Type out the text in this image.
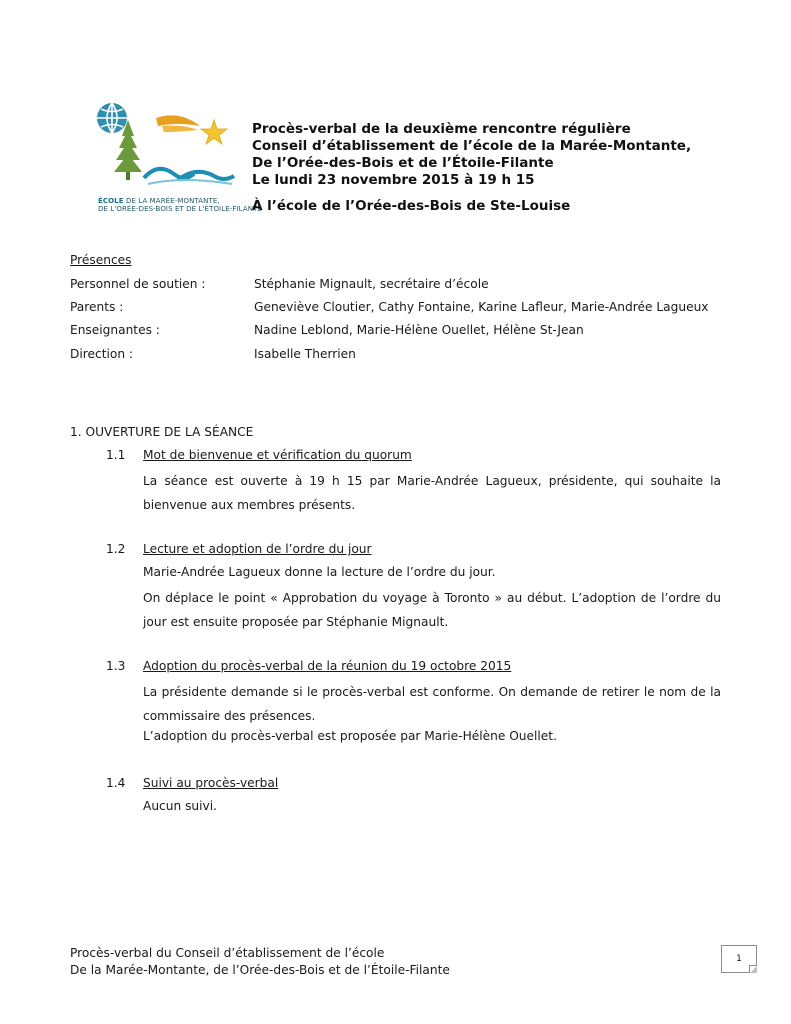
ÉCOLE DE LA MARÉE-MONTANTE,
DE L'ORÉE-DES-BOIS ET DE L'ÉTOILE-FILANTE
Procès-verbal de la deuxième rencontre régulière
Conseil d’établissement de l’école de la Marée-Montante,
De l’Orée-des-Bois et de l’Étoile-Filante
Le lundi 23 novembre 2015 à 19 h 15
À l’école de l’Orée-des-Bois de Ste-Louise
Présences
Personnel de soutien :	Stéphanie Mignault, secrétaire d’école
Parents :	Geneviève Cloutier, Cathy Fontaine, Karine Lafleur, Marie-Andrée Lagueux
Enseignantes :	Nadine Leblond, Marie-Hélène Ouellet, Hélène St-Jean
Direction :	Isabelle Therrien
1. OUVERTURE DE LA SÉANCE
1.1 Mot de bienvenue et vérification du quorum
La séance est ouverte à 19 h 15 par Marie-Andrée Lagueux, présidente, qui souhaite la bienvenue aux membres présents.
1.2 Lecture et adoption de l’ordre du jour
Marie-Andrée Lagueux donne la lecture de l’ordre du jour.
On déplace le point « Approbation du voyage à Toronto » au début. L’adoption de l’ordre du jour est ensuite proposée par Stéphanie Mignault.
1.3 Adoption du procès-verbal de la réunion du 19 octobre 2015
La présidente demande si le procès-verbal est conforme. On demande de retirer le nom de la commissaire des présences.
L’adoption du procès-verbal est proposée par Marie-Hélène Ouellet.
1.4 Suivi au procès-verbal
Aucun suivi.
Procès-verbal du Conseil d’établissement de l’école
De la Marée-Montante, de l’Orée-des-Bois et de l’Étoile-Filante
1
